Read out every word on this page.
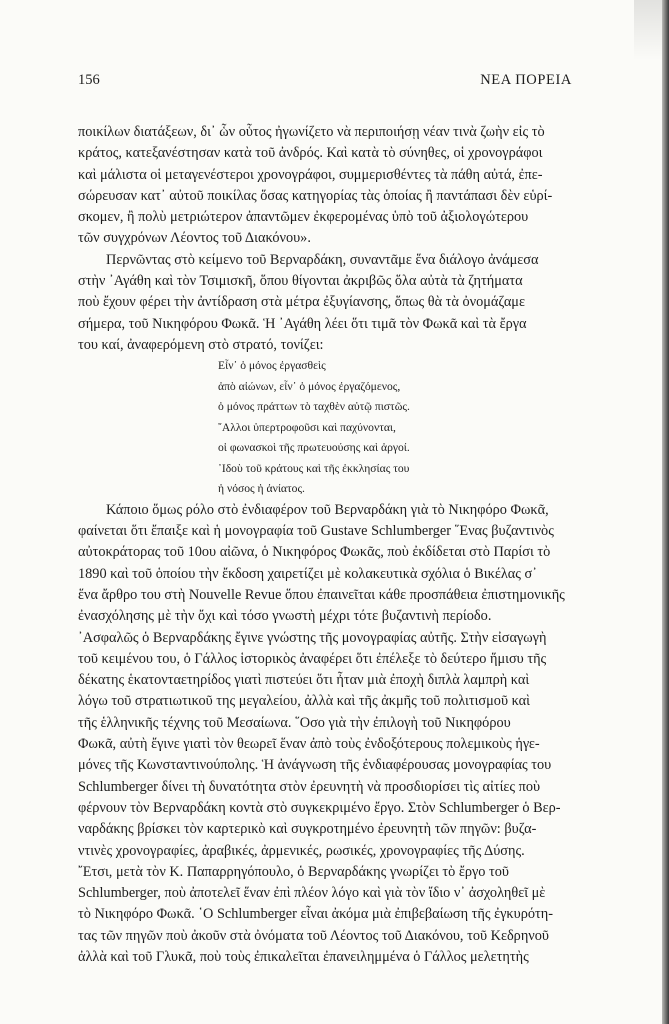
156	ΝΕΑ ΠΟΡΕΙΑ
ποικίλων διατάξεων, δι᾽ ὧν οὗτος ἠγωνίζετο νὰ περιποιήσῃ νέαν τινὰ ζωὴν εἰς τὸ
κράτος, κατεξανέστησαν κατὰ τοῦ ἀνδρός. Καὶ κατὰ τὸ σύνηθες, οἱ χρονογράφοι
καὶ μάλιστα οἱ μεταγενέστεροι χρονογράφοι, συμμερισθέντες τὰ πάθη αὐτά, ἐπε-
σώρευσαν κατ᾽ αὐτοῦ ποικίλας ὅσας κατηγορίας τὰς ὁποίας ἢ παντάπασι δὲν εὑρί-
σκομεν, ἢ πολὺ μετριώτερον ἀπαντῶμεν ἐκφερομένας ὑπὸ τοῦ ἀξιολογώτερου
τῶν συγχρόνων Λέοντος τοῦ Διακόνου».
Περνῶντας στὸ κείμενο τοῦ Βερναρδάκη, συναντᾶμε ἕνα διάλογο ἀνάμεσα
στὴν ᾿Αγάθη καὶ τὸν Τσιμισκῆ, ὅπου θίγονται ἀκριβῶς ὅλα αὐτὰ τὰ ζητήματα
ποὺ ἔχουν φέρει τὴν ἀντίδραση στὰ μέτρα ἐξυγίανσης, ὅπως θὰ τὰ ὀνομάζαμε
σήμερα, τοῦ Νικηφόρου Φωκᾶ. Ἡ ᾿Αγάθη λέει ὅτι τιμᾶ τὸν Φωκᾶ καὶ τὰ ἔργα
του καί, ἀναφερόμενη στὸ στρατό, τονίζει:
Εἶν᾽ ὁ μόνος ἐργασθεὶς
ἀπὸ αἰώνων, εἶν᾽ ὁ μόνος ἐργαζόμενος,
ὁ μόνος πράττων τὸ ταχθὲν αὐτῷ πιστῶς.
῎Αλλοι ὑπερτροφοῦσι καὶ παχύνονται,
οἱ φωνασκοὶ τῆς πρωτευούσης καὶ ἀργοί.
᾿Ιδοὺ τοῦ κράτους καὶ τῆς ἐκκλησίας του
ἡ νόσος ἡ ἀνίατος.
Κάποιο ὅμως ρόλο στὸ ἐνδιαφέρον τοῦ Βερναρδάκη γιὰ τὸ Νικηφόρο Φωκᾶ,
φαίνεται ὅτι ἔπαιξε καὶ ἡ μονογραφία τοῦ Gustave Schlumberger ῞Ενας βυζαντινὸς
αὐτοκράτορας τοῦ 10ου αἰῶνα, ὁ Νικηφόρος Φωκᾶς, ποὺ ἐκδίδεται στὸ Παρίσι τὸ
1890 καὶ τοῦ ὁποίου τὴν ἔκδοση χαιρετίζει μὲ κολακευτικὰ σχόλια ὁ Βικέλας σ᾽
ἕνα ἄρθρο του στὴ Nouvelle Revue ὅπου ἐπαινεῖται κάθε προσπάθεια ἐπιστημονικῆς
ἐνασχόλησης μὲ τὴν ὄχι καὶ τόσο γνωστὴ μέχρι τότε βυζαντινὴ περίοδο.
᾿Ασφαλῶς ὁ Βερναρδάκης ἔγινε γνώστης τῆς μονογραφίας αὐτῆς. Στὴν εἰσαγωγὴ
τοῦ κειμένου του, ὁ Γάλλος ἱστορικὸς ἀναφέρει ὅτι ἐπέλεξε τὸ δεύτερο ἥμισυ τῆς
δέκατης ἑκατονταετηρίδος γιατὶ πιστεύει ὅτι ἦταν μιὰ ἐποχὴ διπλὰ λαμπρὴ καὶ
λόγω τοῦ στρατιωτικοῦ της μεγαλείου, ἀλλὰ καὶ τῆς ἀκμῆς τοῦ πολιτισμοῦ καὶ
τῆς ἑλληνικῆς τέχνης τοῦ Μεσαίωνα. ῞Οσο γιὰ τὴν ἐπιλογὴ τοῦ Νικηφόρου
Φωκᾶ, αὐτὴ ἔγινε γιατὶ τὸν θεωρεῖ ἕναν ἀπὸ τοὺς ἐνδοξότερους πολεμικοὺς ἡγε-
μόνες τῆς Κωνσταντινούπολης. Ἡ ἀνάγνωση τῆς ἐνδιαφέρουσας μονογραφίας του
Schlumberger δίνει τὴ δυνατότητα στὸν ἐρευνητὴ νὰ προσδιορίσει τὶς αἰτίες ποὺ
φέρνουν τὸν Βερναρδάκη κοντὰ στὸ συγκεκριμένο ἔργο. Στὸν Schlumberger ὁ Βερ-
ναρδάκης βρίσκει τὸν καρτερικὸ καὶ συγκροτημένο ἐρευνητὴ τῶν πηγῶν: βυζα-
ντινὲς χρονογραφίες, ἀραβικές, ἀρμενικές, ρωσικές, χρονογραφίες τῆς Δύσης.
῎Ετσι, μετὰ τὸν Κ. Παπαρρηγόπουλο, ὁ Βερναρδάκης γνωρίζει τὸ ἔργο τοῦ
Schlumberger, ποὺ ἀποτελεῖ ἕναν ἐπὶ πλέον λόγο καὶ γιὰ τὸν ἴδιο ν᾽ ἀσχοληθεῖ μὲ
τὸ Νικηφόρο Φωκᾶ. ῾Ο Schlumberger εἶναι ἀκόμα μιὰ ἐπιβεβαίωση τῆς ἐγκυρότη-
τας τῶν πηγῶν ποὺ ἀκοῦν στὰ ὀνόματα τοῦ Λέοντος τοῦ Διακόνου, τοῦ Κεδρηνοῦ
ἀλλὰ καὶ τοῦ Γλυκᾶ, ποὺ τοὺς ἐπικαλεῖται ἐπανειλημμένα ὁ Γάλλος μελετητὴς
